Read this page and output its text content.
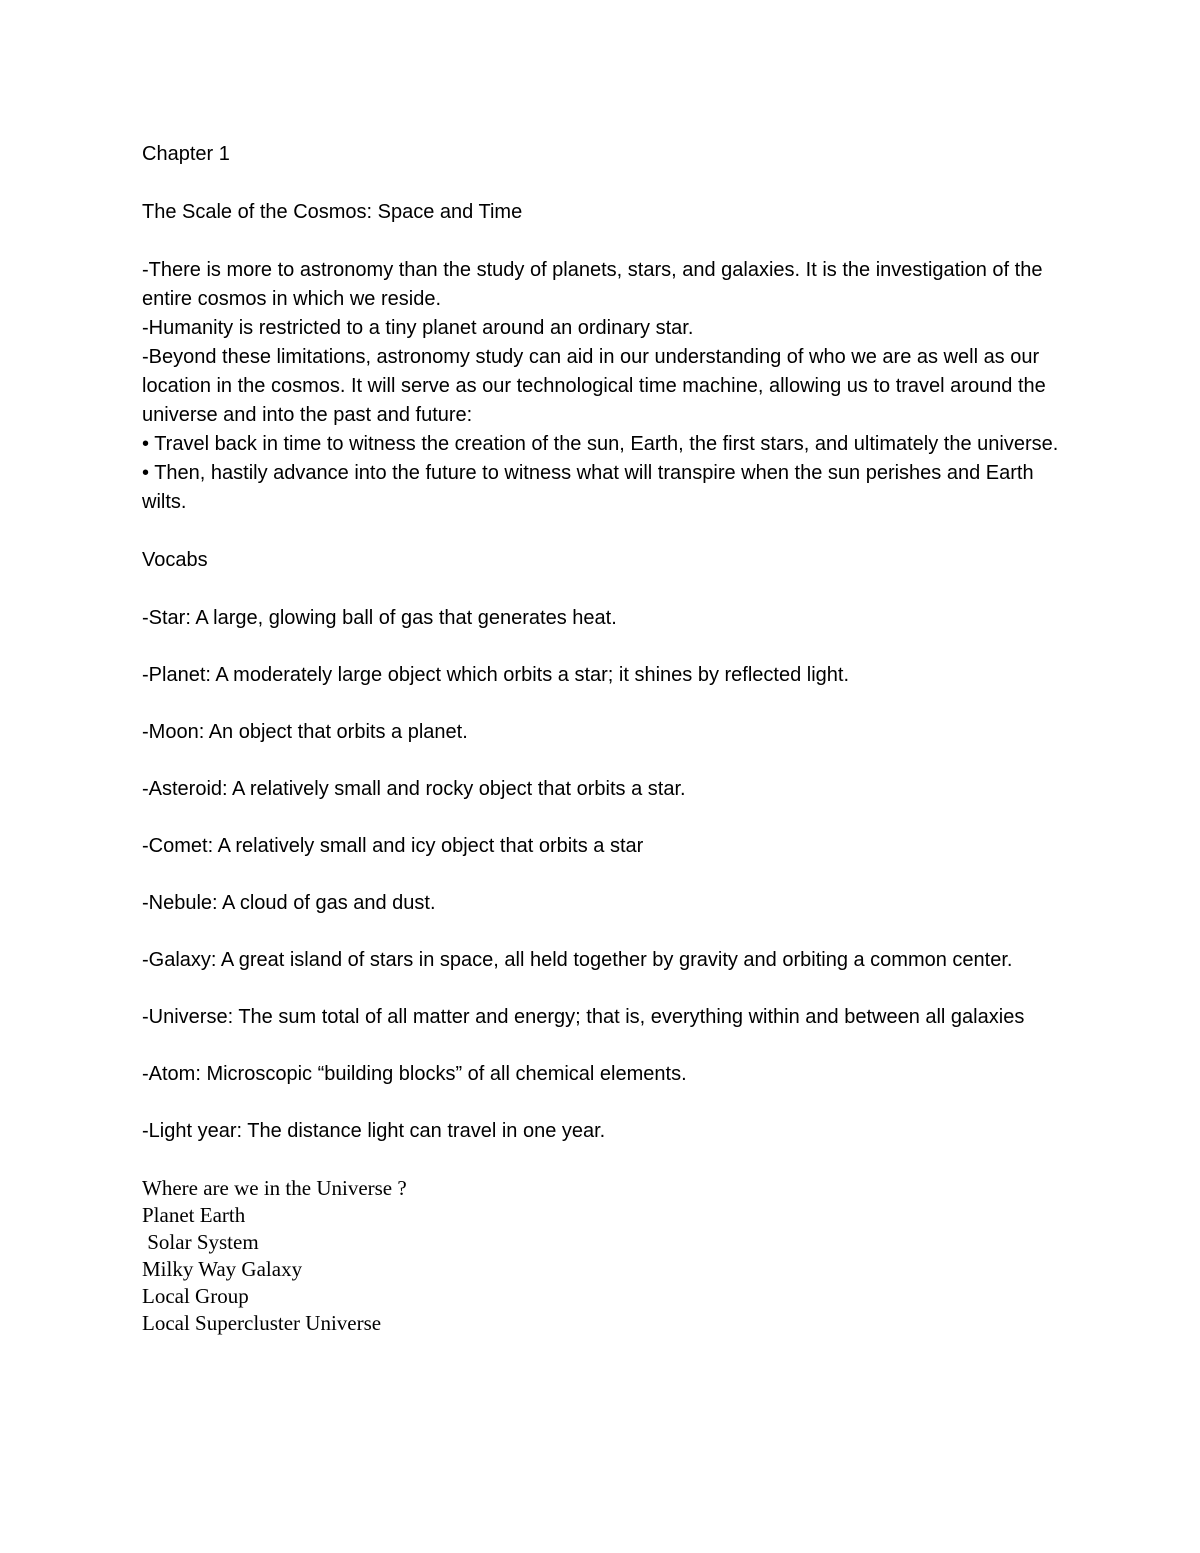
Chapter 1

The Scale of the Cosmos: Space and Time

-There is more to astronomy than the study of planets, stars, and galaxies. It is the investigation of the entire cosmos in which we reside.

-Humanity is restricted to a tiny planet around an ordinary star.

-Beyond these limitations, astronomy study can aid in our understanding of who we are as well as our location in the cosmos. It will serve as our technological time machine, allowing us to travel around the universe and into the past and future:

• Travel back in time to witness the creation of the sun, Earth, the first stars, and ultimately the universe. • Then, hastily advance into the future to witness what will transpire when the sun perishes and Earth wilts.

Vocabs

-Star: A large, glowing ball of gas that generates heat.

-Planet: A moderately large object which orbits a star; it shines by reflected light.

-Moon: An object that orbits a planet.

-Asteroid: A relatively small and rocky object that orbits a star.

-Comet: A relatively small and icy object that orbits a star

-Nebule: A cloud of gas and dust.

-Galaxy: A great island of stars in space, all held together by gravity and orbiting a common center.

-Universe: The sum total of all matter and energy; that is, everything within and between all galaxies

-Atom: Microscopic “building blocks” of all chemical elements.

-Light year: The distance light can travel in one year.

Where are we in the Universe ?

Planet Earth

Solar System

Milky Way Galaxy

Local Group

Local Supercluster Universe
